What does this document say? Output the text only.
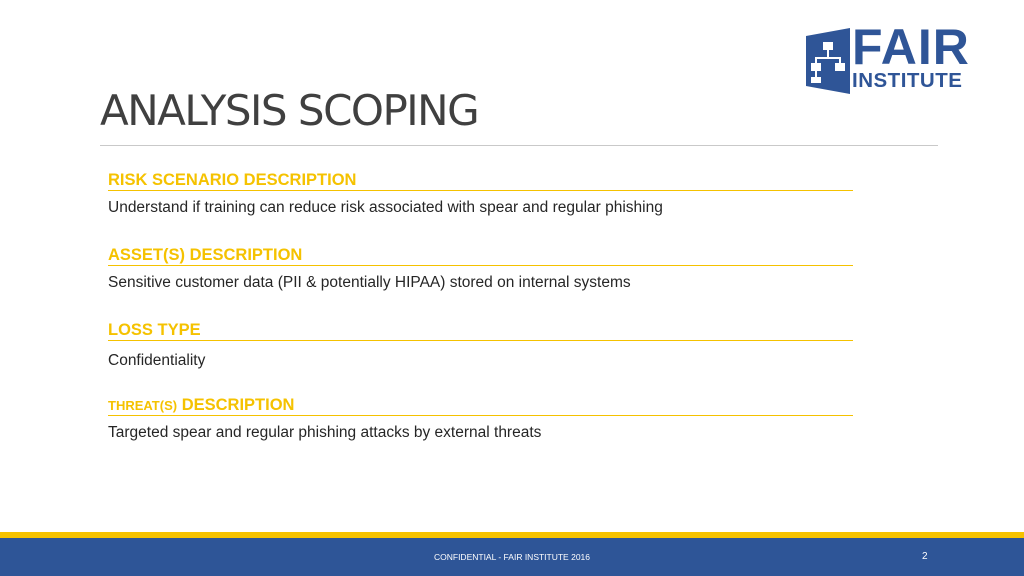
FAIR
INSTITUTE
ANALYSIS SCOPING
RISK SCENARIO DESCRIPTION
Understand if training can reduce risk associated with spear and regular phishing
ASSET(S) DESCRIPTION
Sensitive customer data (PII & potentially HIPAA) stored on internal systems
LOSS TYPE
Confidentiality
THREAT(S) DESCRIPTION
Targeted spear and regular phishing attacks by external threats
CONFIDENTIAL - FAIR INSTITUTE 2016	2
